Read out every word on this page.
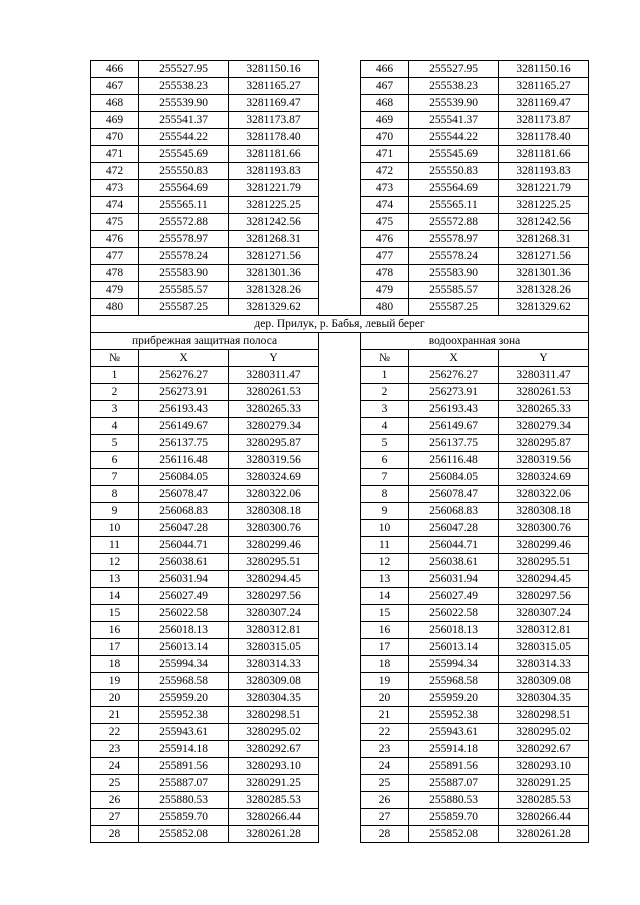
466	255527.95	3281150.16		466	255527.95	3281150.16
467	255538.23	3281165.27		467	255538.23	3281165.27
468	255539.90	3281169.47		468	255539.90	3281169.47
469	255541.37	3281173.87		469	255541.37	3281173.87
470	255544.22	3281178.40		470	255544.22	3281178.40
471	255545.69	3281181.66		471	255545.69	3281181.66
472	255550.83	3281193.83		472	255550.83	3281193.83
473	255564.69	3281221.79		473	255564.69	3281221.79
474	255565.11	3281225.25		474	255565.11	3281225.25
475	255572.88	3281242.56		475	255572.88	3281242.56
476	255578.97	3281268.31		476	255578.97	3281268.31
477	255578.24	3281271.56		477	255578.24	3281271.56
478	255583.90	3281301.36		478	255583.90	3281301.36
479	255585.57	3281328.26		479	255585.57	3281328.26
480	255587.25	3281329.62		480	255587.25	3281329.62
дер. Прилук, р. Бабья, левый берег						
прибрежная защитная полоса				водоохранная зона		
№	X	Y		№	X	Y
1	256276.27	3280311.47		1	256276.27	3280311.47
2	256273.91	3280261.53		2	256273.91	3280261.53
3	256193.43	3280265.33		3	256193.43	3280265.33
4	256149.67	3280279.34		4	256149.67	3280279.34
5	256137.75	3280295.87		5	256137.75	3280295.87
6	256116.48	3280319.56		6	256116.48	3280319.56
7	256084.05	3280324.69		7	256084.05	3280324.69
8	256078.47	3280322.06		8	256078.47	3280322.06
9	256068.83	3280308.18		9	256068.83	3280308.18
10	256047.28	3280300.76		10	256047.28	3280300.76
11	256044.71	3280299.46		11	256044.71	3280299.46
12	256038.61	3280295.51		12	256038.61	3280295.51
13	256031.94	3280294.45		13	256031.94	3280294.45
14	256027.49	3280297.56		14	256027.49	3280297.56
15	256022.58	3280307.24		15	256022.58	3280307.24
16	256018.13	3280312.81		16	256018.13	3280312.81
17	256013.14	3280315.05		17	256013.14	3280315.05
18	255994.34	3280314.33		18	255994.34	3280314.33
19	255968.58	3280309.08		19	255968.58	3280309.08
20	255959.20	3280304.35		20	255959.20	3280304.35
21	255952.38	3280298.51		21	255952.38	3280298.51
22	255943.61	3280295.02		22	255943.61	3280295.02
23	255914.18	3280292.67		23	255914.18	3280292.67
24	255891.56	3280293.10		24	255891.56	3280293.10
25	255887.07	3280291.25		25	255887.07	3280291.25
26	255880.53	3280285.53		26	255880.53	3280285.53
27	255859.70	3280266.44		27	255859.70	3280266.44
28	255852.08	3280261.28		28	255852.08	3280261.28
